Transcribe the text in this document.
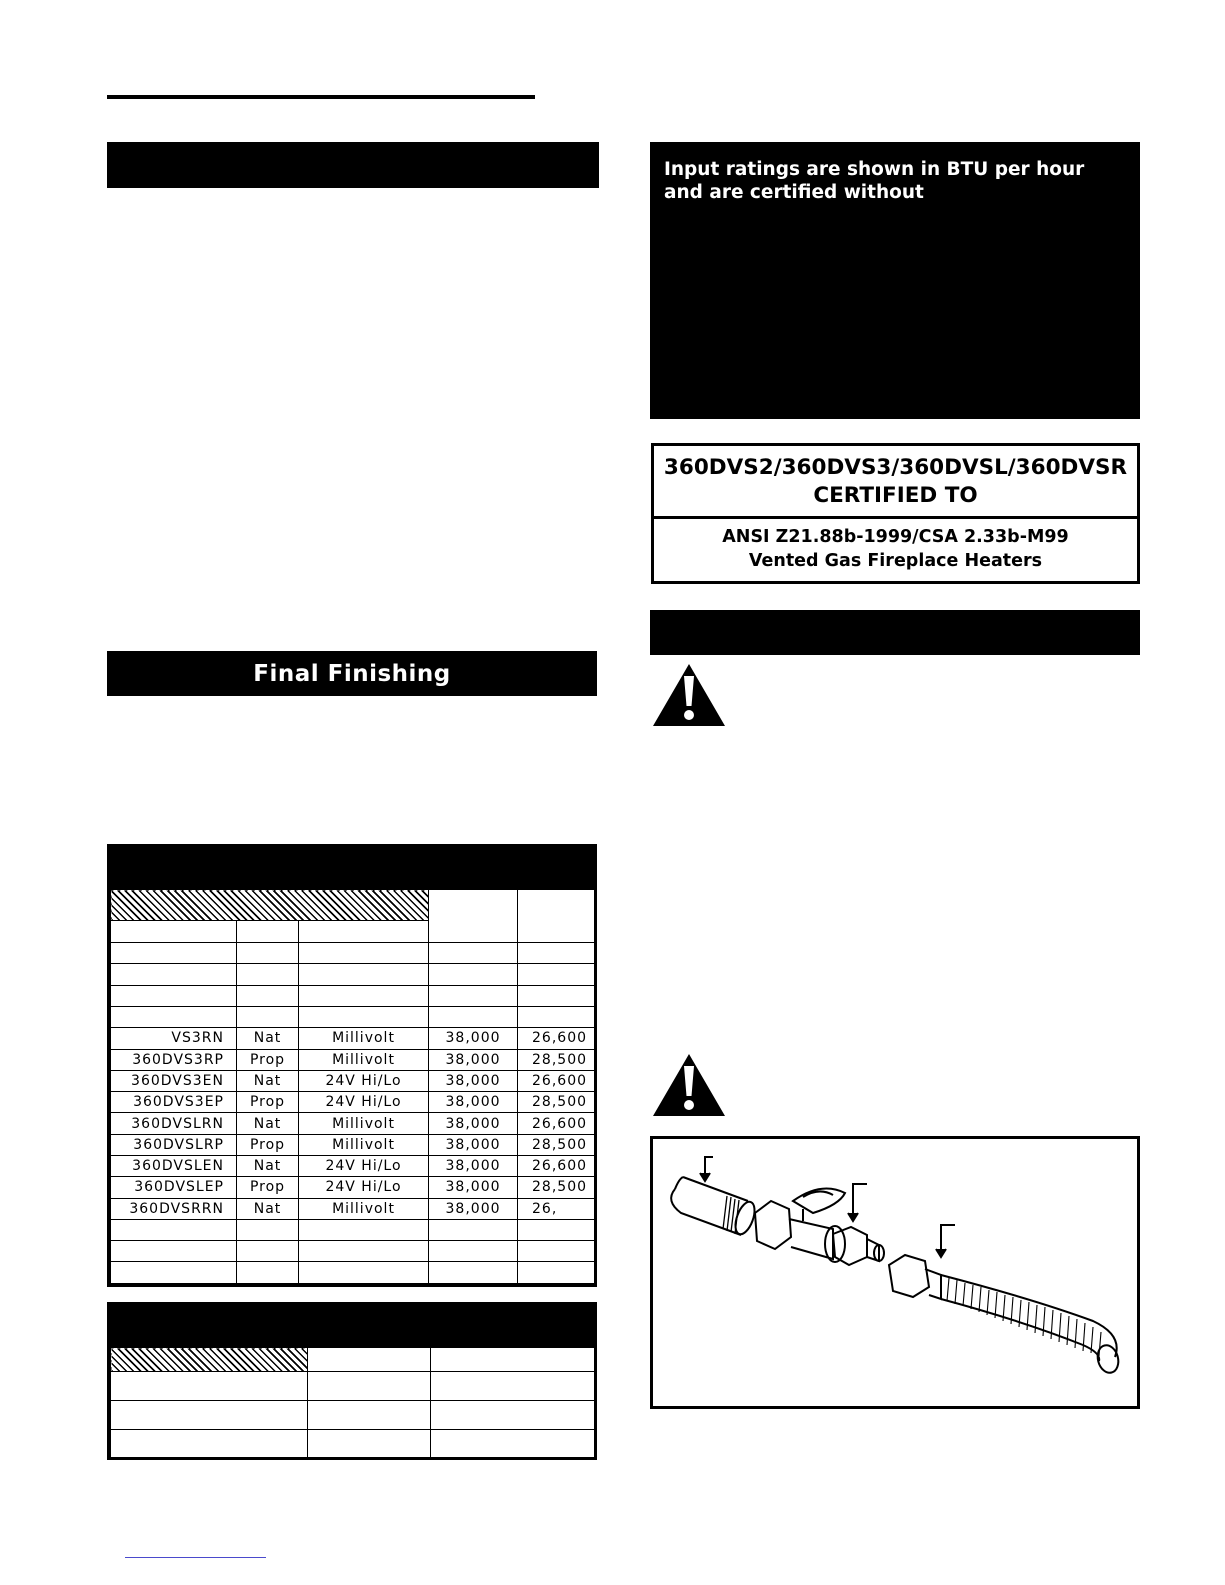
Final Finishing

VS3RN	Nat	Millivolt	38,000	26,600
360DVS3RP	Prop	Millivolt	38,000	28,500
360DVS3EN	Nat	24V Hi/Lo	38,000	26,600
360DVS3EP	Prop	24V Hi/Lo	38,000	28,500
360DVSLRN	Nat	Millivolt	38,000	26,600
360DVSLRP	Prop	Millivolt	38,000	28,500
360DVSLEN	Nat	24V Hi/Lo	38,000	26,600
360DVSLEP	Prop	24V Hi/Lo	38,000	28,500
360DVSRRN	Nat	Millivolt	38,000	26,

Input ratings are shown in BTU per hour and are certified without
360DVS2/360DVS3/360DVSL/360DVSR
CERTIFIED TO
ANSI Z21.88b-1999/CSA 2.33b-M99
Vented Gas Fireplace Heaters
